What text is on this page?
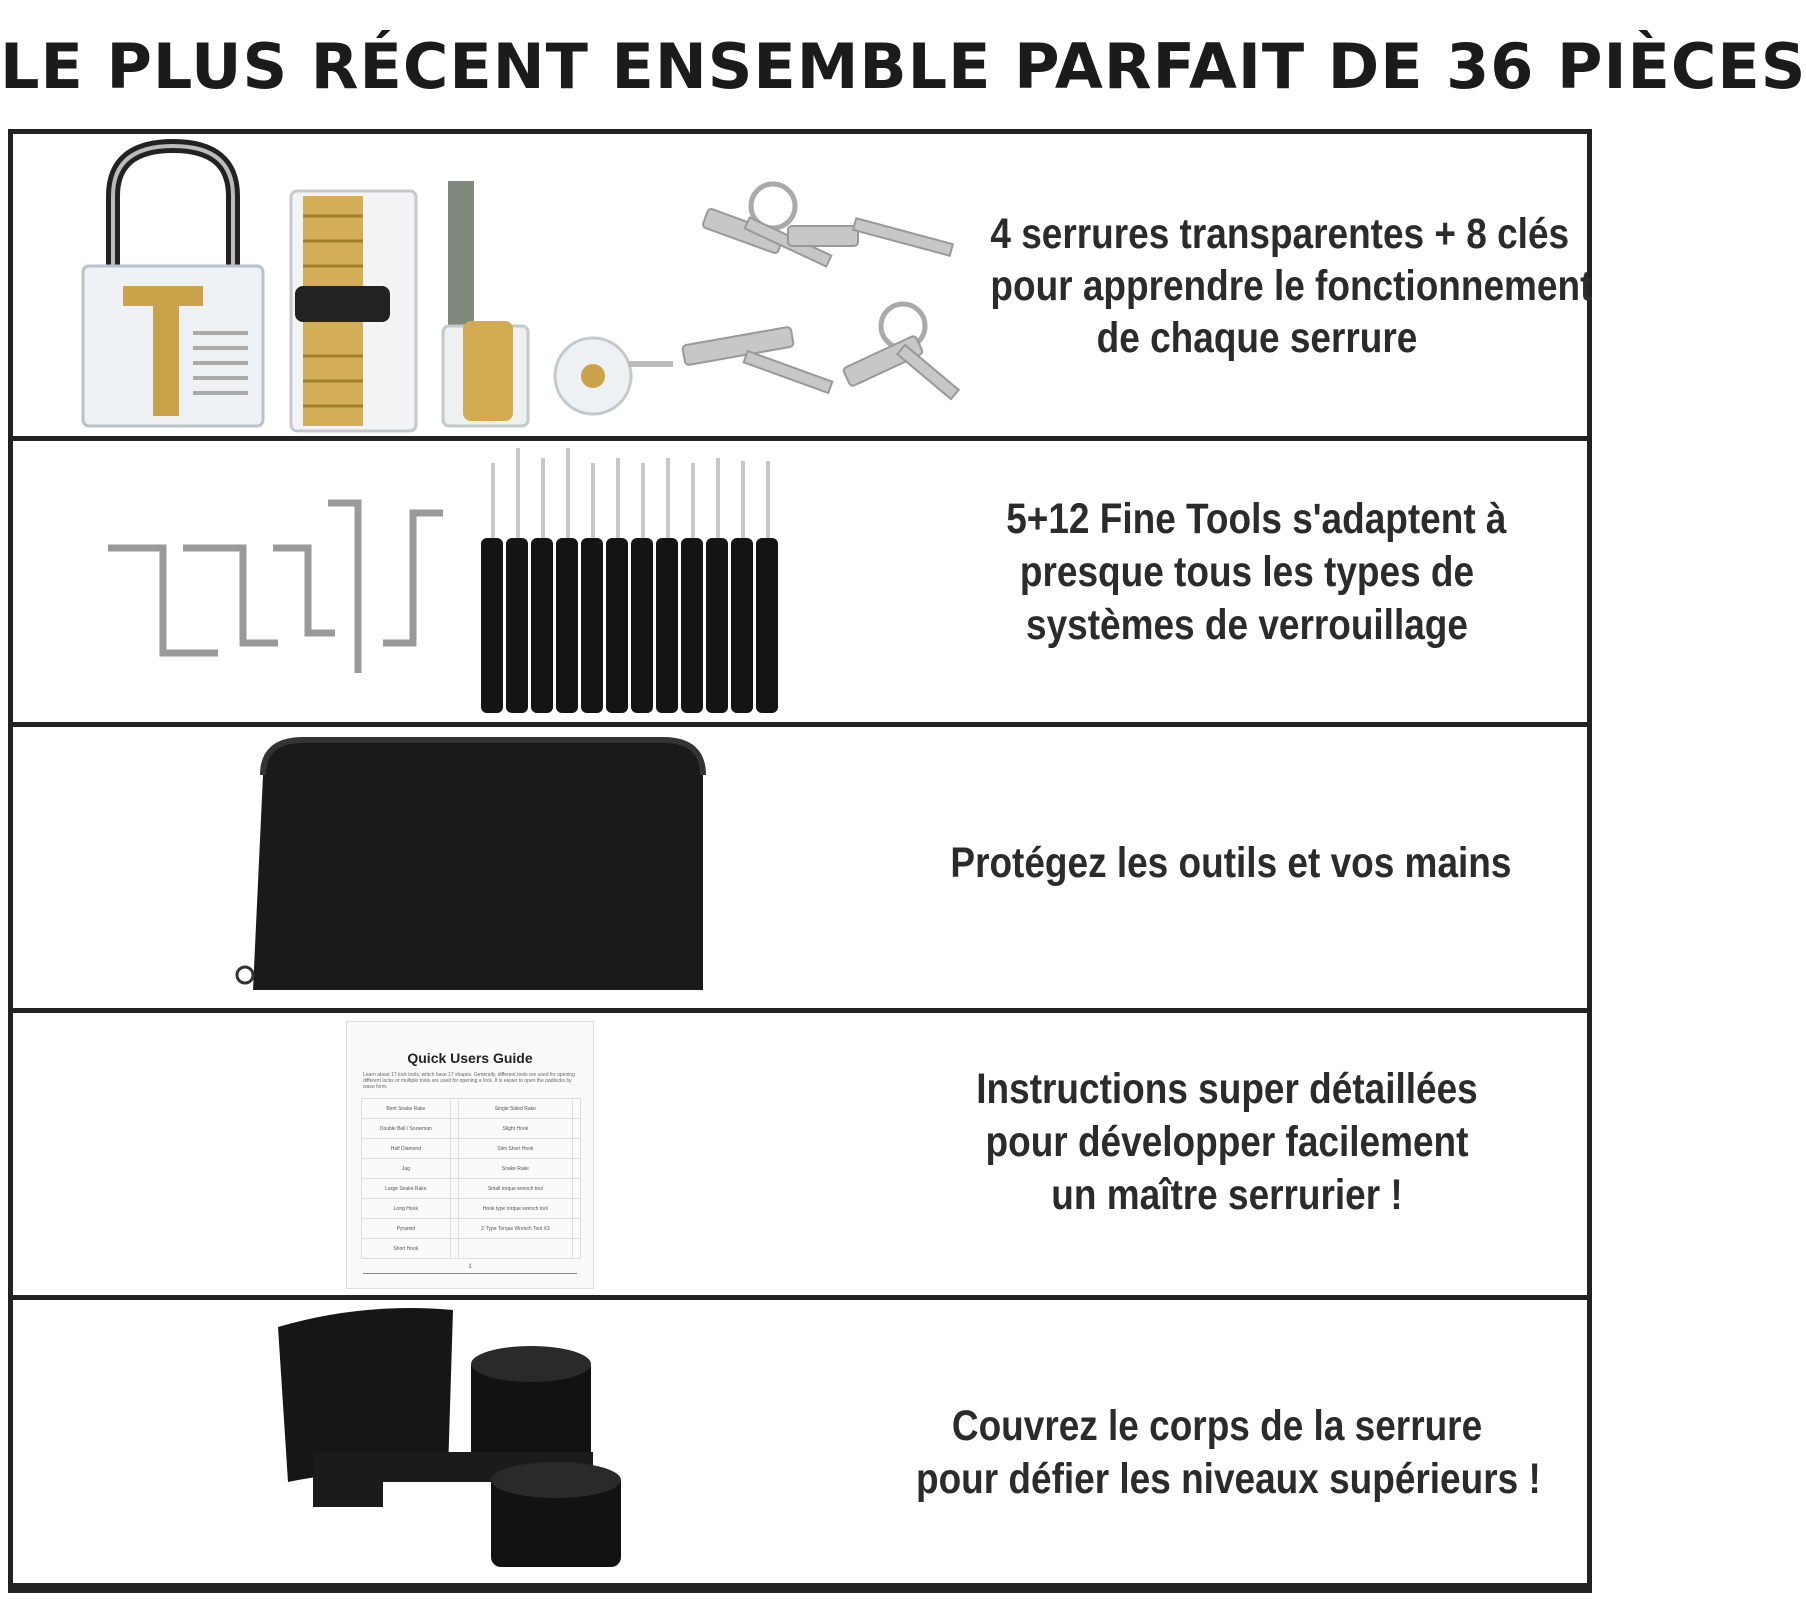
LE PLUS RÉCENT ENSEMBLE PARFAIT DE 36 PIÈCES
4 serrures transparentes + 8 clés
pour apprendre le fonctionnement
de chaque serrure
5+12 Fine Tools s'adaptent à
presque tous les types de
systèmes de verrouillage
Protégez les outils et vos mains
Quick Users Guide
Learn about 17 lock tools, which have 17 shapes. Generally, different tools are used for opening different locks or multiple tools are used for opening a lock. It is easier to open the padlocks by wave form.
Bent Snake Rake		Single Sided Rake	
Double Ball / Snowman		Slight Hook	
Half Diamond		Slim Short Hook	
Jag		Snake Rake	
Large Snake Rake		Small torque wrench tool	
Long Hook		Hook type torque wrench tool	
Pyramid		Z-Type Torque Wrench Tool X3	
Short Hook			
1
Instructions super détaillées
pour développer facilement
un maître serrurier !
Couvrez le corps de la serrure
pour défier les niveaux supérieurs !
